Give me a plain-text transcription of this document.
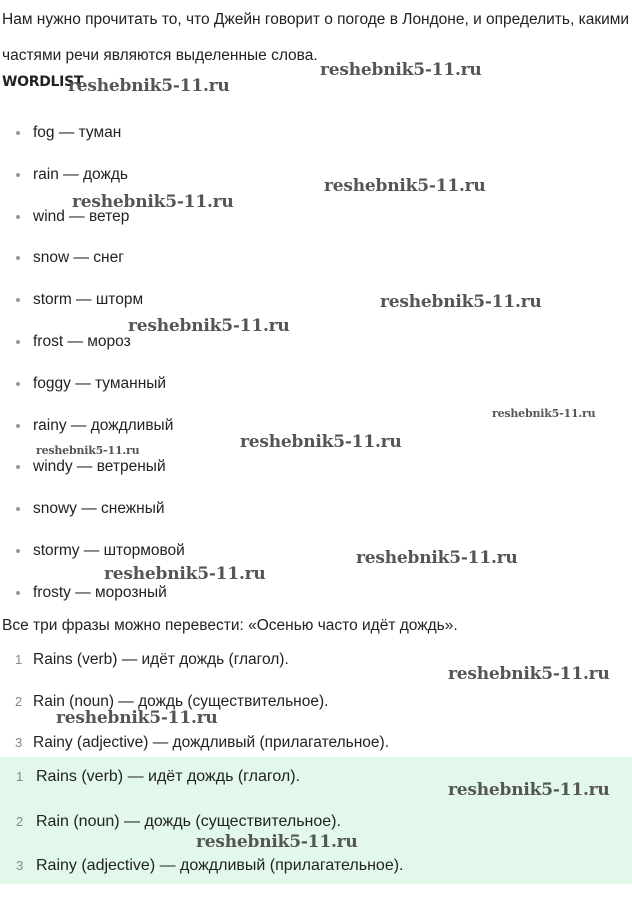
Нам нужно прочитать то, что Джейн говорит о погоде в Лондоне, и определить, какими частями речи являются выделенные слова.

WORDLIST
fog — туман
rain — дождь
wind — ветер
snow — снег
storm — шторм
frost — мороз
foggy — туманный
rainy — дождливый
windy — ветреный
snowy — снежный
stormy — штормовой
frosty — морозный

Все три фразы можно перевести: «Осенью часто идёт дождь».

1 Rains (verb) — идёт дождь (глагол).
2 Rain (noun) — дождь (существительное).
3 Rainy (adjective) — дождливый (прилагательное).
1 Rains (verb) — идёт дождь (глагол).
2 Rain (noun) — дождь (существительное).
3 Rainy (adjective) — дождливый (прилагательное).
reshebnik5-11.ru
reshebnik5-11.ru
reshebnik5-11.ru
reshebnik5-11.ru
reshebnik5-11.ru
reshebnik5-11.ru
reshebnik5-11.ru
reshebnik5-11.ru	reshebnik5-11.ru
reshebnik5-11.ru
reshebnik5-11.ru
reshebnik5-11.ru
reshebnik5-11.ru
reshebnik5-11.ru
reshebnik5-11.ru
